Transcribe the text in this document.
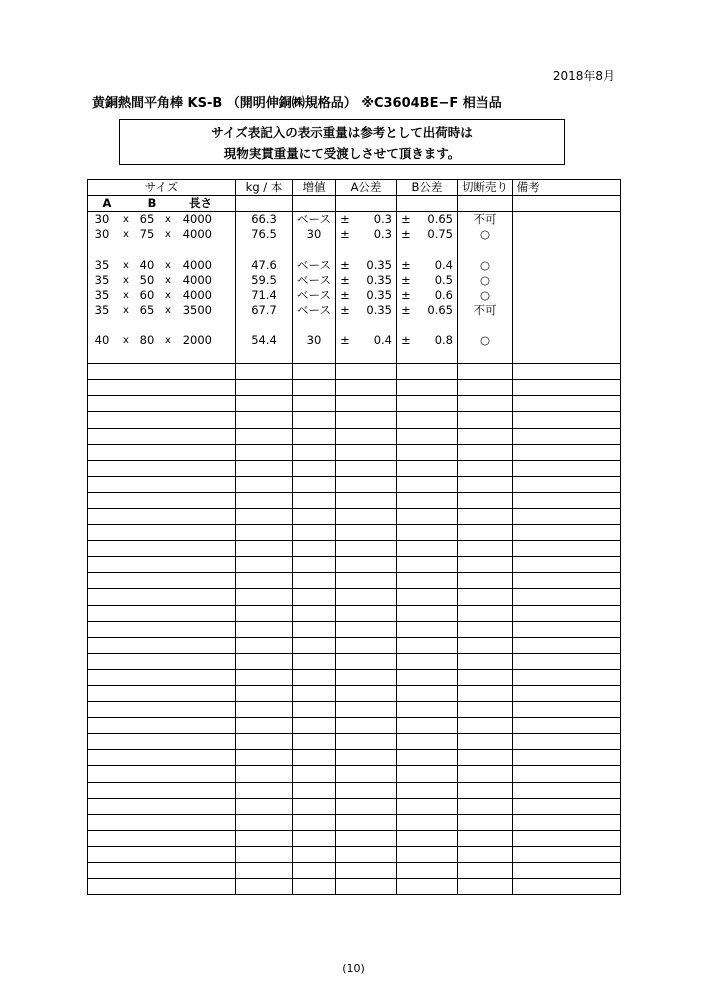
2018年8月
黄銅熱間平角棒 KS-B （開明伸銅㈱規格品） ※C3604BE−F 相当品
サイズ表記入の表示重量は参考として出荷時は
現物実貫重量にて受渡しさせて頂きます。
サイズ	kg / 本	増値	A公差	B公差	切断売り	備考

A B 長さ						

30 x 65 x 4000	66.3	ベース	± 0.3	± 0.65	不可	

30 x 75 x 4000	76.5	30	± 0.3	± 0.75	○	

35 x 40 x 4000	47.6	ベース	± 0.35	± 0.4	○	

35 x 50 x 4000	59.5	ベース	± 0.35	± 0.5	○	

35 x 60 x 4000	71.4	ベース	± 0.35	± 0.6	○	

35 x 65 x 3500	67.7	ベース	± 0.35	± 0.65	不可	

40 x 80 x 2000	54.4	30	± 0.4	± 0.8	○	

(10)
